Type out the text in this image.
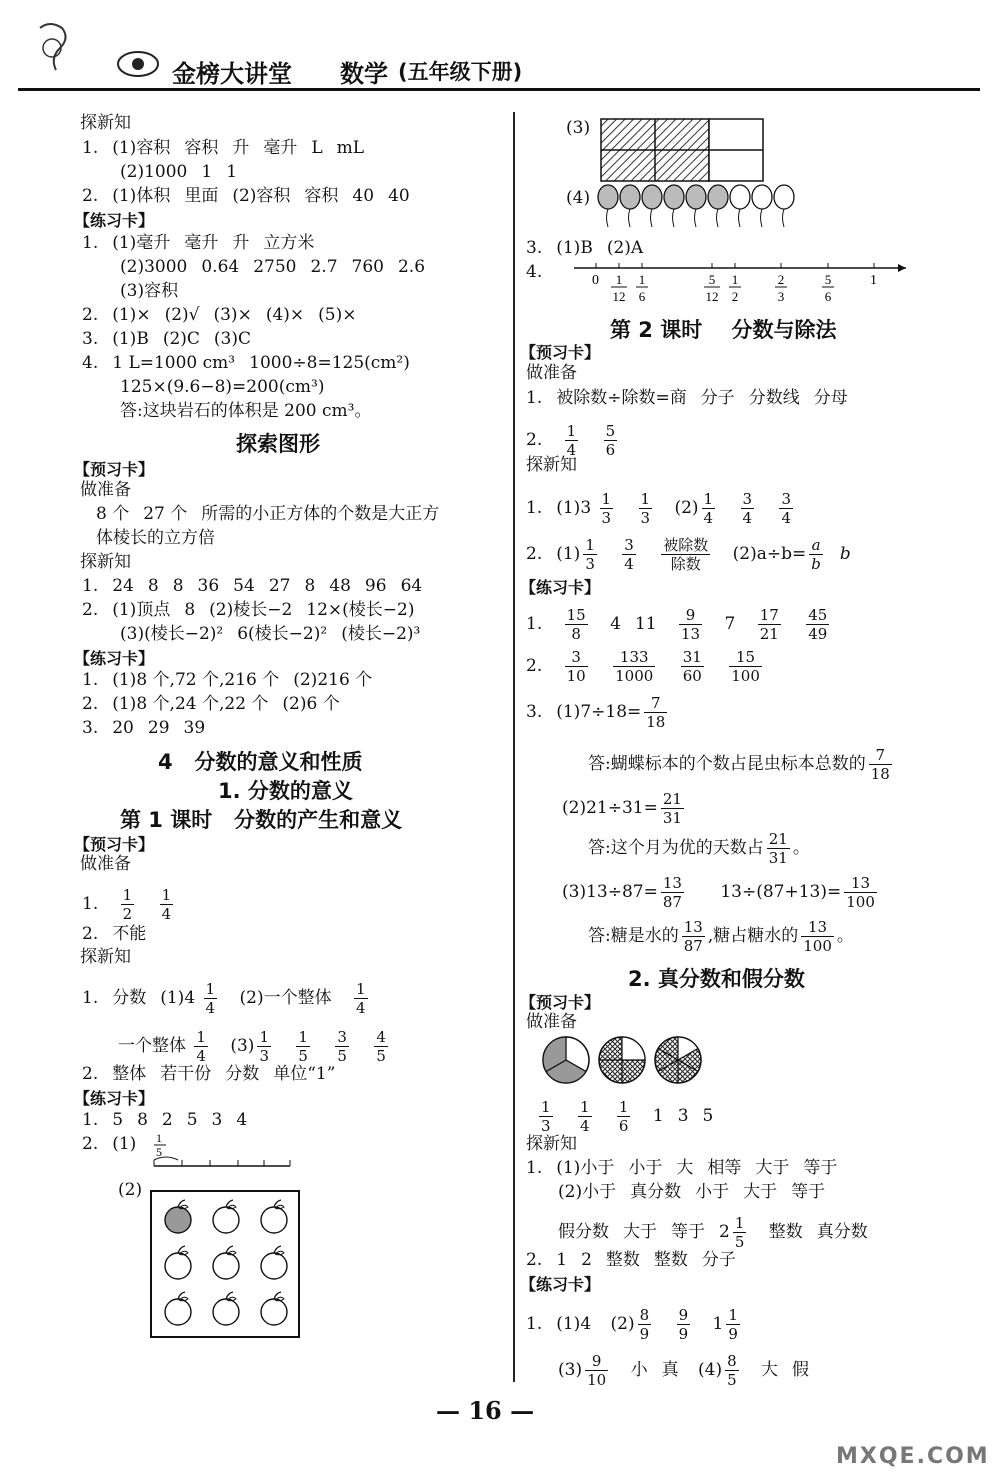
金榜大讲堂 数学 (五年级下册)
探新知
1. (1)容积 容积 升 毫升 L mL
(2)1000 1 1
2. (1)体积 里面 (2)容积 容积 40 40
【练习卡】
1. (1)毫升 毫升 升 立方米
(2)3000 0.64 2750 2.7 760 2.6
(3)容积
2. (1)× (2)√ (3)× (4)× (5)×
3. (1)B (2)C (3)C
4. 1 L=1000 cm³ 1000÷8=125(cm²)
125×(9.6−8)=200(cm³)
答:这块岩石的体积是 200 cm³。
探索图形
【预习卡】
做准备
8 个 27 个 所需的小正方体的个数是大正方
体棱长的立方倍
探新知
1. 24 8 8 36 54 27 8 48 96 64
2. (1)顶点 8 (2)棱长−2 12×(棱长−2)
(3)(棱长−2)² 6(棱长−2)² (棱长−2)³
【练习卡】
1. (1)8 个,72 个,216 个 (2)216 个
2. (1)8 个,24 个,22 个 (2)6 个
3. 20 29 39
4   分数的意义和性质
1. 分数的意义
第 1 课时   分数的产生和意义
【预习卡】
做准备
1. $\frac{1}{2}$
$\frac{1}{4}$
2. 不能
探新知
1. 分数 $(1)4 \frac{1}{4} (2)$一个整体 $\frac{1}{4}$
一个整体 $\frac{1}{4} (3) \frac{1}{3}$
$\frac{1}{5}$
$\frac{3}{5}$
$\frac{4}{5}$
2. 整体 若干份 分数 单位“1”
【练习卡】
1. 5 8 2 5 3 4
2. (1) 1
5
(2)
(3)
(4)
3. (1)B (2)A
4.	0	1
1
12
1
6
5
12
1
2
2
3
5
6
第 2 课时    分数与除法
【预习卡】
做准备
1. 被除数÷除数=商 分子 分数线 分母
2. $\frac{1}{4}$
$\frac{5}{6}$
探新知
1. $(1)3 \frac{1}{3}$
$\frac{1}{3} (2) \frac{1}{4}$
$\frac{3}{4}$
$\frac{3}{4}$
2. $(1) \frac{1}{3}$
$\frac{3}{4}$
$\frac{\text{被除数}}{\text{除数}} (2)a\div b= \frac{a}{b}$ b
【练习卡】
1. $\frac{15}{8} 4$ $11 \frac{9}{13} 7 \frac{17}{21}$
$\frac{45}{49}$
2. $\frac{3}{10}$
$\frac{133}{1000}$
$\frac{31}{60}$
$\frac{15}{100}$
3. $(1)7\div 18= \frac{7}{18}$
答:蝴蝶标本的个数占昆虫标本总数的 $\frac{7}{18}$
$(2)21\div 31= \frac{21}{31}$
答:这个月为优的天数占 $\frac{21}{31}$ 。
$(3)13\div 87= \frac{13}{87} 13\div(87+13)= \frac{13}{100}$
答:糖是水的 $\frac{13}{87}$ ,糖占糖水的 $\frac{13}{100}$ 。
2. 真分数和假分数
【预习卡】
做准备
$\frac{1}{3}$
$\frac{1}{4}$
$\frac{1}{6} 1$ 3 5
探新知
1. (1)小于 小于 大 相等 大于 等于
(2)小于 真分数 小于 大于 等于
假分数 大于 等于 $2 \frac{1}{5}$ 整数 真分数
2. 1 2 整数 整数 分子
【练习卡】
1. (1)4 $(2) \frac{8}{9}$
$\frac{9}{9} 1 \frac{1}{9}$
$(3) \frac{9}{10}$ 小 真 $(4) \frac{8}{5}$ 大 假
— 16 —
MXQE.COM
